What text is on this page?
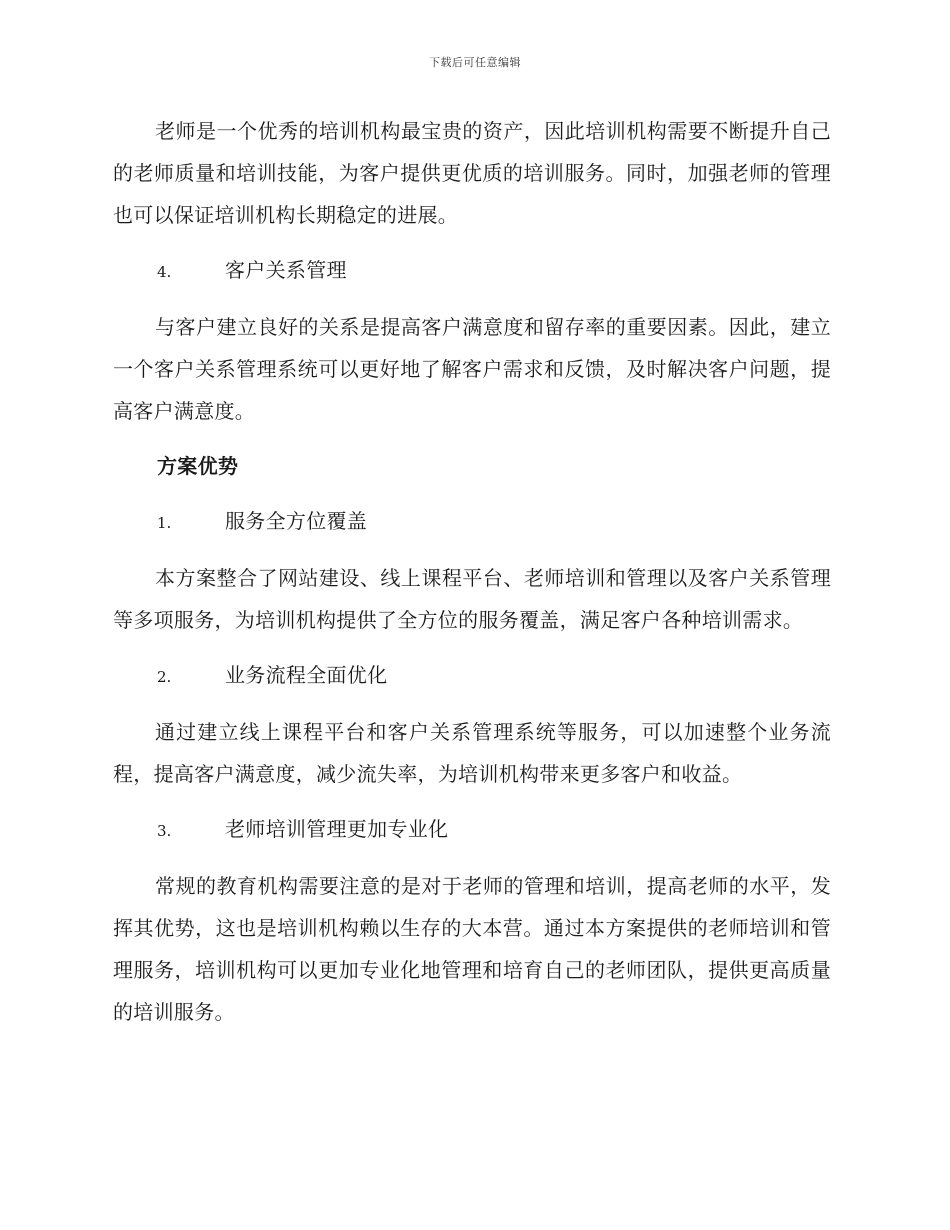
下载后可任意编辑

老师是一个优秀的培训机构最宝贵的资产，因此培训机构需要不断提升自己的老师质量和培训技能，为客户提供更优质的培训服务。同时，加强老师的管理也可以保证培训机构长期稳定的进展。

4.	客户关系管理

与客户建立良好的关系是提高客户满意度和留存率的重要因素。因此，建立一个客户关系管理系统可以更好地了解客户需求和反馈，及时解决客户问题，提高客户满意度。

方案优势
1.	服务全方位覆盖

本方案整合了网站建设、线上课程平台、老师培训和管理以及客户关系管理等多项服务，为培训机构提供了全方位的服务覆盖，满足客户各种培训需求。

2.	业务流程全面优化

通过建立线上课程平台和客户关系管理系统等服务，可以加速整个业务流程，提高客户满意度，减少流失率，为培训机构带来更多客户和收益。

3.	老师培训管理更加专业化

常规的教育机构需要注意的是对于老师的管理和培训，提高老师的水平，发挥其优势，这也是培训机构赖以生存的大本营。通过本方案提供的老师培训和管理服务，培训机构可以更加专业化地管理和培育自己的老师团队，提供更高质量的培训服务。
